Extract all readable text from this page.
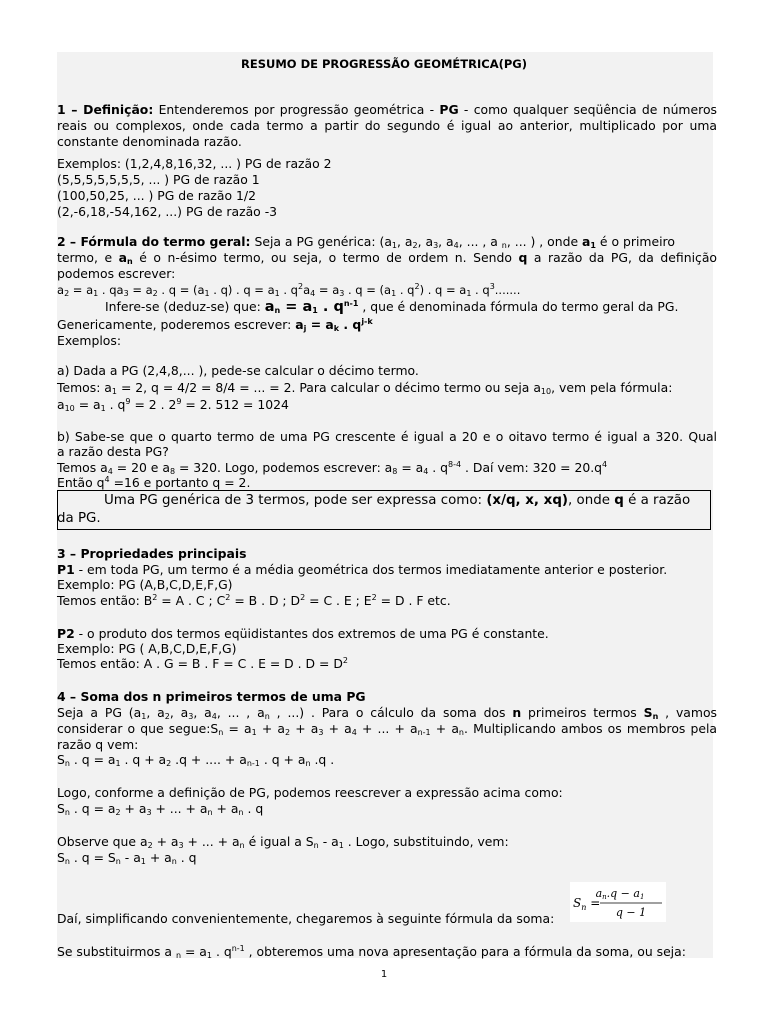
RESUMO DE PROGRESSÃO GEOMÉTRICA(PG)
1 – Definição: Entenderemos por progressão geométrica - PG - como qualquer seqüência de números
reais ou complexos, onde cada termo a partir do segundo é igual ao anterior, multiplicado por uma
constante denominada razão.
Exemplos: (1,2,4,8,16,32, ... ) PG de razão 2
(5,5,5,5,5,5,5, ... ) PG de razão 1
(100,50,25, ... ) PG de razão 1/2
(2,-6,18,-54,162, ...) PG de razão -3
2 – Fórmula do termo geral: Seja a PG genérica: ($a_1$, $a_2$, $a_3$, $a_4$, ... , a $_n$, ... ) , onde $a_1$ é o primeiro
termo, e $a_n$ é o n-ésimo termo, ou seja, o termo de ordem n. Sendo q a razão da PG, da definição
podemos escrever:
$a_2 = a_1$ . $qa_3 = a_2$ . $q = (a_1$ . q) . $q = a_1$ . $q^2a_4 = a_3$ . $q = (a_1$ . $q^2$) . $q = a_1$ . $q^3$.......
Infere-se (deduz-se) que: $a_n = a_1$ . $q^{n-1}$ , que é denominada fórmula do termo geral da PG.
Genericamente, poderemos escrever: $a_j = a_k$ . $q^{j-k}$
Exemplos:
a) Dada a PG (2,4,8,... ), pede-se calcular o décimo termo.
Temos: $a_1 = 2$, q = 4/2 = 8/4 = ... = 2. Para calcular o décimo termo ou seja $a_{10}$, vem pela fórmula:
$a_{10} = a_1$ . $q^9 = 2$ . $2^9 = 2$. 512 = 1024
b) Sabe-se que o quarto termo de uma PG crescente é igual a 20 e o oitavo termo é igual a 320. Qual
a razão desta PG?
Temos $a_4 = 20$ e $a_8 = 320$. Logo, podemos escrever: $a_8 = a_4$ . $q^{8-4}$ . Daí vem: $320 = 20.q^4$
Então $q^4 =16$ e portanto q = 2.
Uma PG genérica de 3 termos, pode ser expressa como: (x/q, x, xq), onde q é a razão
da PG.
3 – Propriedades principais
P1 - em toda PG, um termo é a média geométrica dos termos imediatamente anterior e posterior.
Exemplo: PG (A,B,C,D,E,F,G)
Temos então: $B^2 = A$ . C ; $C^2 = B$ . D ; $D^2 = C$ . E ; $E^2 = D$ . F etc.
P2 - o produto dos termos eqüidistantes dos extremos de uma PG é constante.
Exemplo: PG ( A,B,C,D,E,F,G)
Temos então: A . G = B . F = C . E = D . $D = D^2$
4 – Soma dos n primeiros termos de uma PG
Seja a PG ($a_1$, $a_2$, $a_3$, $a_4$, ... , $a_n$ , ...) . Para o cálculo da soma dos n primeiros termos $S_n$ , vamos
considerar o que $segue:S_n = a_1 + a_2 + a_3 + a_4$ + ... + $a_{n-1} + a_n$. Multiplicando ambos os membros pela
razão q vem:
$S_n$ . $q = a_1$ . $q + a_2$ .q + .... + $a_{n-1}$ . $q + a_n$ .q .
Logo, conforme a definição de PG, podemos reescrever a expressão acima como:
$S_n$ . $q = a_2 + a_3$ + ... + $a_n + a_n$ . q
Observe que $a_2 + a_3$ + ... + $a_n$ é igual a $S_n - a_1$ . Logo, substituindo, vem:
$S_n$ . $q = S_n - a_1 + a_n$ . q
Daí, simplificando convenientemente, chegaremos à seguinte fórmula da soma:
$S_n$ =
an.q − a1
q − 1
Se substituirmos a $_n = a_1$ . $q^{n-1}$ , obteremos uma nova apresentação para a fórmula da soma, ou seja:
1
